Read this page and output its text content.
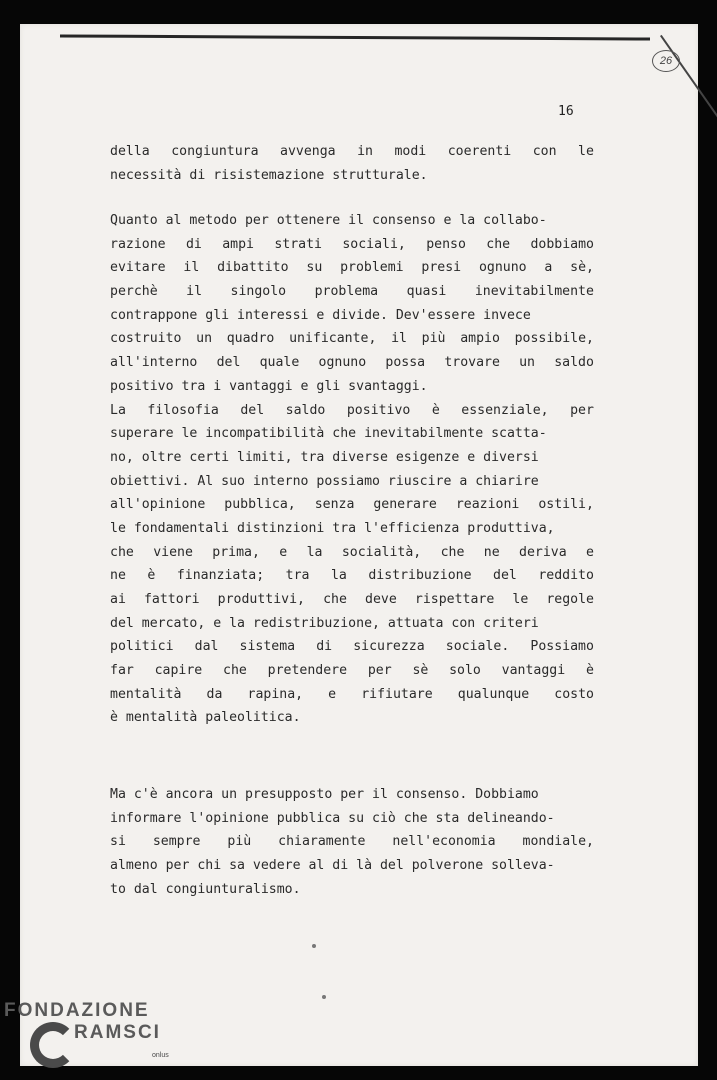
26
16
della congiuntura avvenga in modi coerenti con le
necessità di risistemazione strutturale.
Quanto al metodo per ottenere il consenso e la collabo-
razione di ampi strati sociali, penso che dobbiamo
evitare il dibattito su problemi presi ognuno a sè,
perchè il singolo problema quasi inevitabilmente
contrappone gli interessi e divide. Dev'essere invece
costruito un quadro unificante, il più ampio possibile,
all'interno del quale ognuno possa trovare un saldo
positivo tra i vantaggi e gli svantaggi.
La filosofia del saldo positivo è essenziale, per
superare le incompatibilità che inevitabilmente scatta-
no, oltre certi limiti, tra diverse esigenze e diversi
obiettivi. Al suo interno possiamo riuscire a chiarire
all'opinione pubblica, senza generare reazioni ostili,
le fondamentali distinzioni tra l'efficienza produttiva,
che viene prima, e la socialità, che ne deriva e
ne è finanziata; tra la distribuzione del reddito
ai fattori produttivi, che deve rispettare le regole
del mercato, e la redistribuzione, attuata con criteri
politici dal sistema di sicurezza sociale. Possiamo
far capire che pretendere per sè solo vantaggi è
mentalità da rapina, e rifiutare qualunque costo
è mentalità paleolitica.
Ma c'è ancora un presupposto per il consenso. Dobbiamo
informare l'opinione pubblica su ciò che sta delineando-
si sempre più chiaramente nell'economia mondiale,
almeno per chi sa vedere al di là del polverone solleva-
to dal congiunturalismo.
FONDAZIONE
RAMSCI
onlus
